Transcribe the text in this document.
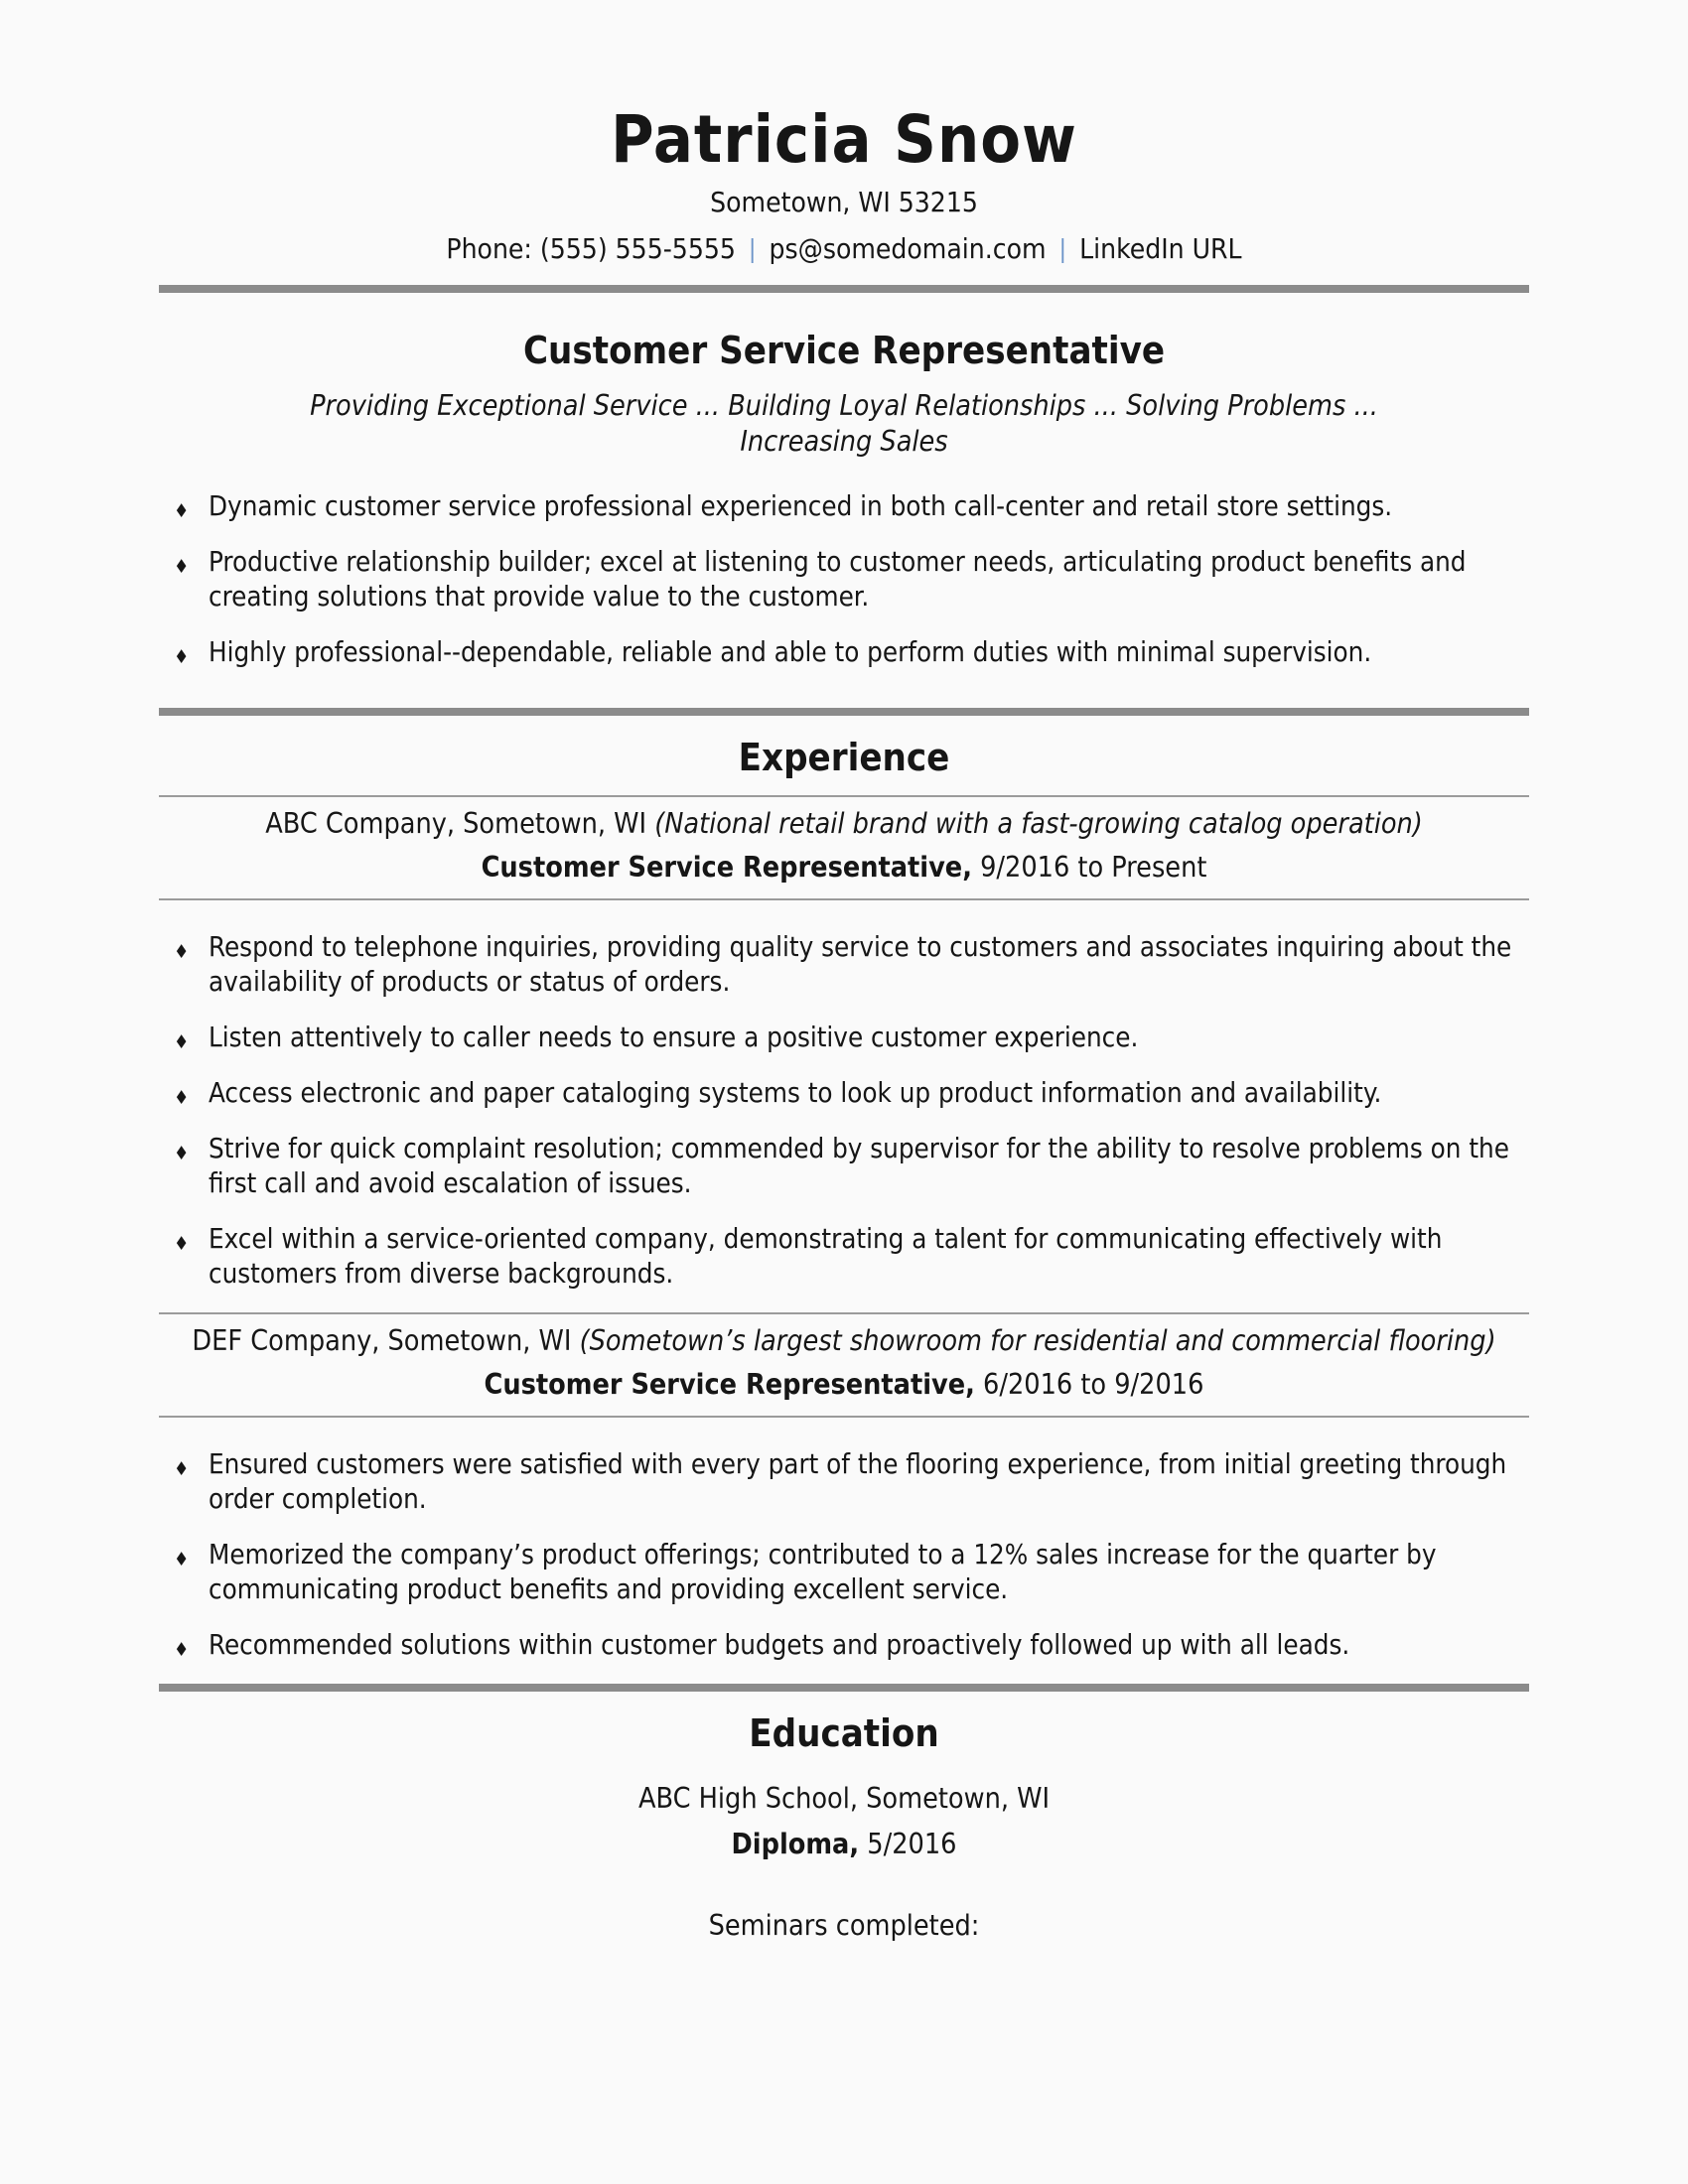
Patricia Snow
Sometown, WI 53215
Phone: (555) 555-5555 | ps@somedomain.com | LinkedIn URL
Customer Service Representative
Providing Exceptional Service ... Building Loyal Relationships ... Solving Problems ...
Increasing Sales
♦ Dynamic customer service professional experienced in both call-center and retail store settings.
♦ Productive relationship builder; excel at listening to customer needs, articulating product benefits and creating solutions that provide value to the customer.
♦ Highly professional--dependable, reliable and able to perform duties with minimal supervision.
Experience
ABC Company, Sometown, WI (National retail brand with a fast-growing catalog operation)
Customer Service Representative, 9/2016 to Present
♦ Respond to telephone inquiries, providing quality service to customers and associates inquiring about the availability of products or status of orders.
♦ Listen attentively to caller needs to ensure a positive customer experience.
♦ Access electronic and paper cataloging systems to look up product information and availability.
♦ Strive for quick complaint resolution; commended by supervisor for the ability to resolve problems on the first call and avoid escalation of issues.
♦ Excel within a service-oriented company, demonstrating a talent for communicating effectively with customers from diverse backgrounds.
DEF Company, Sometown, WI (Sometown’s largest showroom for residential and commercial flooring)
Customer Service Representative, 6/2016 to 9/2016
♦ Ensured customers were satisfied with every part of the flooring experience, from initial greeting through order completion.
♦ Memorized the company’s product offerings; contributed to a 12% sales increase for the quarter by communicating product benefits and providing excellent service.
♦ Recommended solutions within customer budgets and proactively followed up with all leads.
Education
ABC High School, Sometown, WI
Diploma, 5/2016
Seminars completed:
